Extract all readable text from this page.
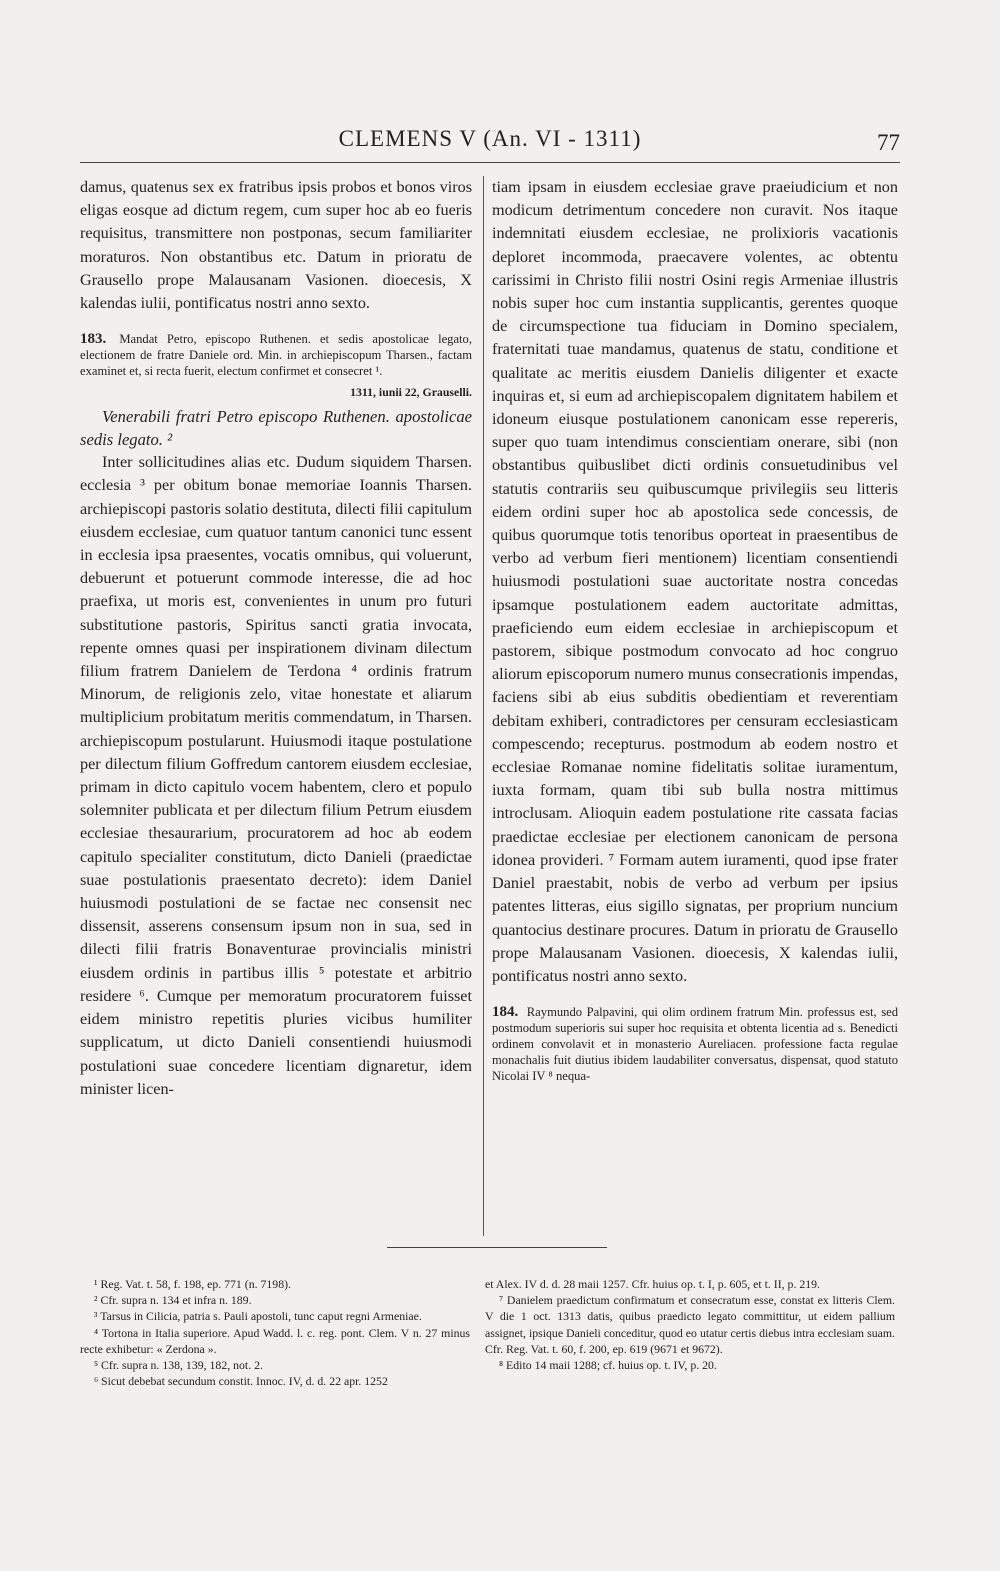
CLEMENS V (An. VI - 1311)	77

damus, quatenus sex ex fratribus ipsis probos et bonos viros eligas eosque ad dictum regem, cum super hoc ab eo fueris requisitus, transmittere non postponas, secum familiariter moraturos. Non obstantibus etc. Datum in prioratu de Grausello prope Malausanam Vasionen. dioecesis, X kalendas iulii, pontificatus nostri anno sexto.

183. Mandat Petro, episcopo Ruthenen. et sedis apostolicae legato, electionem de fratre Daniele ord. Min. in archiepiscopum Tharsen., factam examinet et, si recta fuerit, electum confirmet et consecret ¹.

1311, iunii 22, Grauselli.

Venerabili fratri Petro episcopo Ruthenen. apostolicae sedis legato. ²

Inter sollicitudines alias etc. Dudum siquidem Tharsen. ecclesia ³ per obitum bonae memoriae Ioannis Tharsen. archiepiscopi pastoris solatio destituta, dilecti filii capitulum eiusdem ecclesiae, cum quatuor tantum canonici tunc essent in ecclesia ipsa praesentes, vocatis omnibus, qui voluerunt, debuerunt et potuerunt commode interesse, die ad hoc praefixa, ut moris est, convenientes in unum pro futuri substitutione pastoris, Spiritus sancti gratia invocata, repente omnes quasi per inspirationem divinam dilectum filium fratrem Danielem de Terdona ⁴ ordinis fratrum Minorum, de religionis zelo, vitae honestate et aliarum multiplicium probitatum meritis commendatum, in Tharsen. archiepiscopum postularunt. Huiusmodi itaque postulatione per dilectum filium Goffredum cantorem eiusdem ecclesiae, primam in dicto capitulo vocem habentem, clero et populo solemniter publicata et per dilectum filium Petrum eiusdem ecclesiae thesaurarium, procuratorem ad hoc ab eodem capitulo specialiter constitutum, dicto Danieli (praedictae suae postulationis praesentato decreto): idem Daniel huiusmodi postulationi de se factae nec consensit nec dissensit, asserens consensum ipsum non in sua, sed in dilecti filii fratris Bonaventurae provincialis ministri eiusdem ordinis in partibus illis ⁵ potestate et arbitrio residere ⁶. Cumque per memoratum procuratorem fuisset eidem ministro repetitis pluries vicibus humiliter supplicatum, ut dicto Danieli consentiendi huiusmodi postulationi suae concedere licentiam dignaretur, idem minister licen-

tiam ipsam in eiusdem ecclesiae grave praeiudicium et non modicum detrimentum concedere non curavit. Nos itaque indemnitati eiusdem ecclesiae, ne prolixioris vacationis deploret incommoda, praecavere volentes, ac obtentu carissimi in Christo filii nostri Osini regis Armeniae illustris nobis super hoc cum instantia supplicantis, gerentes quoque de circumspectione tua fiduciam in Domino specialem, fraternitati tuae mandamus, quatenus de statu, conditione et qualitate ac meritis eiusdem Danielis diligenter et exacte inquiras et, si eum ad archiepiscopalem dignitatem habilem et idoneum eiusque postulationem canonicam esse repereris, super quo tuam intendimus conscientiam onerare, sibi (non obstantibus quibuslibet dicti ordinis consuetudinibus vel statutis contrariis seu quibuscumque privilegiis seu litteris eidem ordini super hoc ab apostolica sede concessis, de quibus quorumque totis tenoribus oporteat in praesentibus de verbo ad verbum fieri mentionem) licentiam consentiendi huiusmodi postulationi suae auctoritate nostra concedas ipsamque postulationem eadem auctoritate admittas, praeficiendo eum eidem ecclesiae in archiepiscopum et pastorem, sibique postmodum convocato ad hoc congruo aliorum episcoporum numero munus consecrationis impendas, faciens sibi ab eius subditis obedientiam et reverentiam debitam exhiberi, contradictores per censuram ecclesiasticam compescendo; recepturus. postmodum ab eodem nostro et ecclesiae Romanae nomine fidelitatis solitae iuramentum, iuxta formam, quam tibi sub bulla nostra mittimus introclusam. Alioquin eadem postulatione rite cassata facias praedictae ecclesiae per electionem canonicam de persona idonea provideri. ⁷ Formam autem iuramenti, quod ipse frater Daniel praestabit, nobis de verbo ad verbum per ipsius patentes litteras, eius sigillo signatas, per proprium nuncium quantocius destinare procures. Datum in prioratu de Grausello prope Malausanam Vasionen. dioecesis, X kalendas iulii, pontificatus nostri anno sexto.

184. Raymundo Palpavini, qui olim ordinem fratrum Min. professus est, sed postmodum superioris sui super hoc requisita et obtenta licentia ad s. Benedicti ordinem convolavit et in monasterio Aureliacen. professione facta regulae monachalis fuit diutius ibidem laudabiliter conversatus, dispensat, quod statuto Nicolai IV ⁸ nequa-

¹ Reg. Vat. t. 58, f. 198, ep. 771 (n. 7198).

² Cfr. supra n. 134 et infra n. 189.

³ Tarsus in Cilicia, patria s. Pauli apostoli, tunc caput regni Armeniae.

⁴ Tortona in Italia superiore. Apud Wadd. l. c. reg. pont. Clem. V n. 27 minus recte exhibetur: « Zerdona ».

⁵ Cfr. supra n. 138, 139, 182, not. 2.

⁶ Sicut debebat secundum constit. Innoc. IV, d. d. 22 apr. 1252

et Alex. IV d. d. 28 maii 1257. Cfr. huius op. t. I, p. 605, et t. II, p. 219.

⁷ Danielem praedictum confirmatum et consecratum esse, constat ex litteris Clem. V die 1 oct. 1313 datis, quibus praedicto legato committitur, ut eidem pallium assignet, ipsique Danieli conceditur, quod eo utatur certis diebus intra ecclesiam suam. Cfr. Reg. Vat. t. 60, f. 200, ep. 619 (9671 et 9672).

⁸ Edito 14 maii 1288; cf. huius op. t. IV, p. 20.
